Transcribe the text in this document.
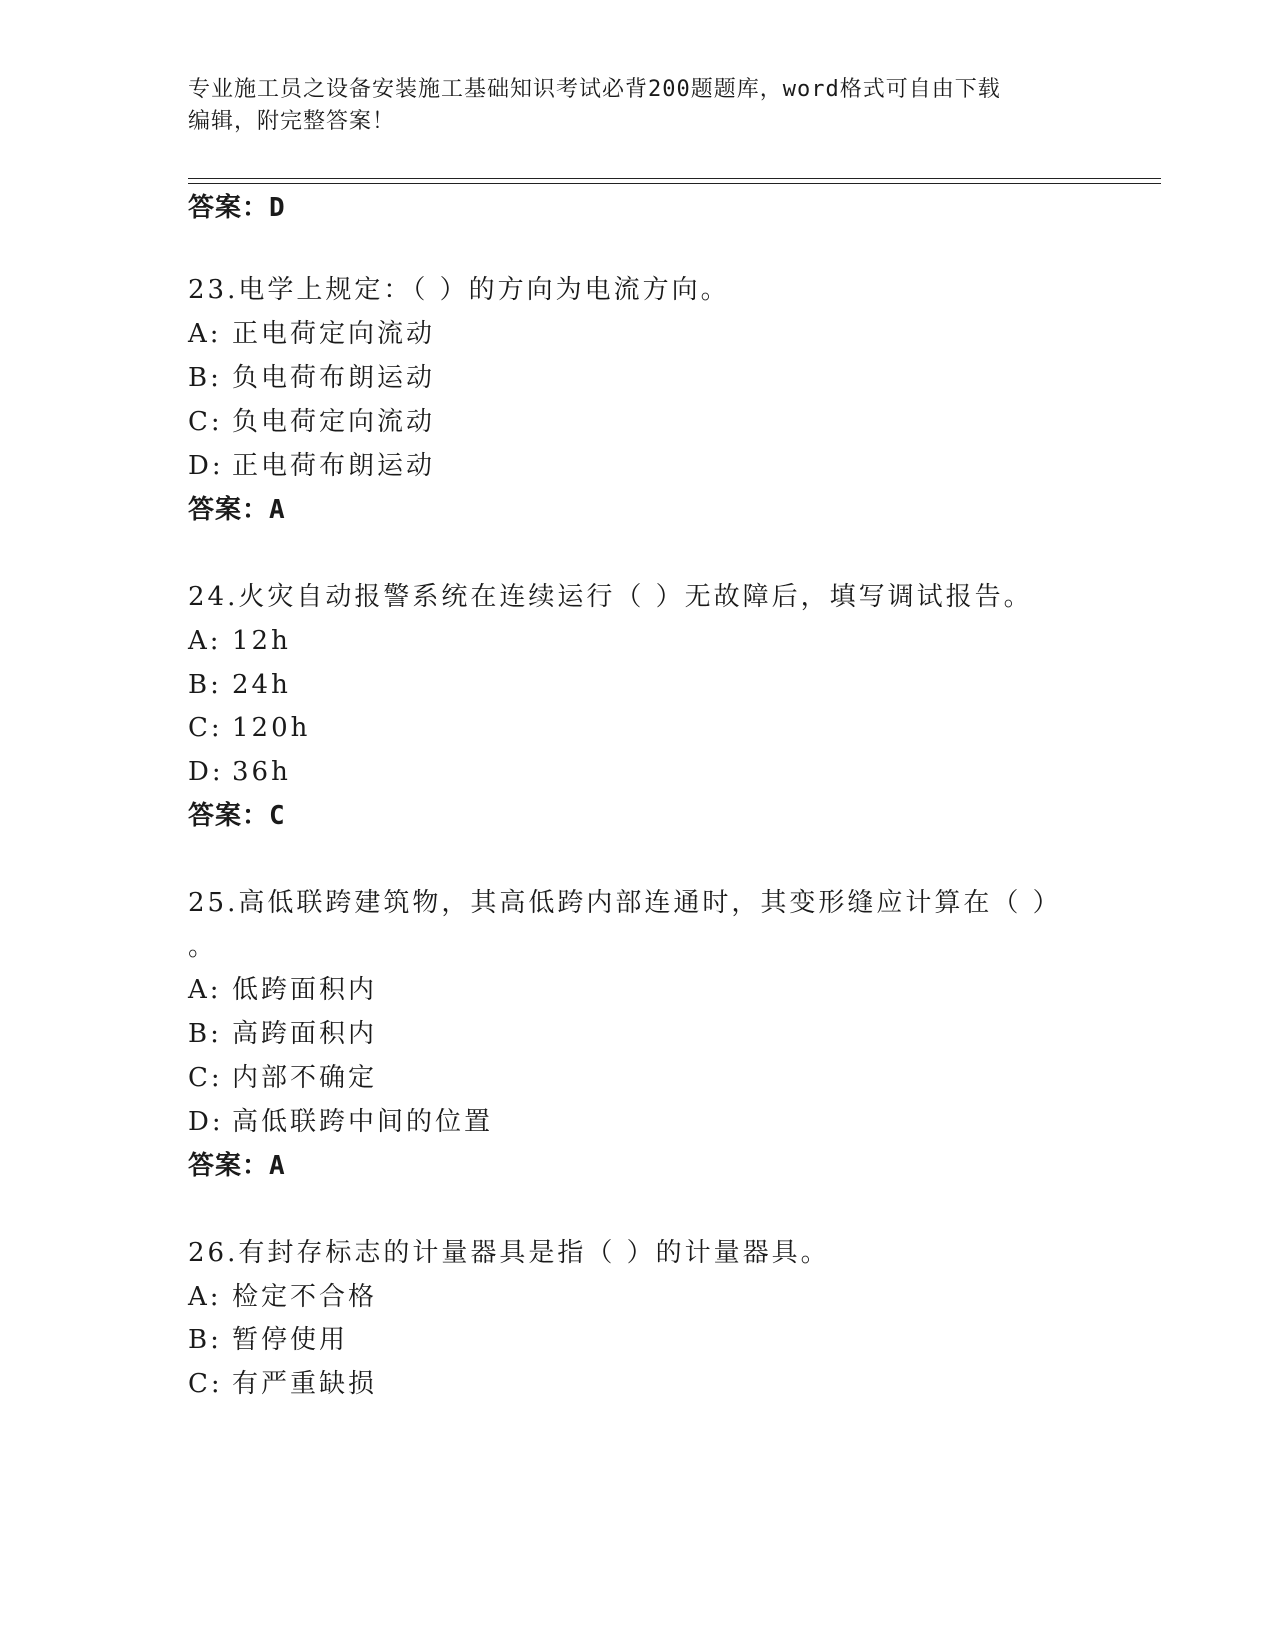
专业施工员之设备安装施工基础知识考试必背200题题库，word格式可自由下载
编辑，附完整答案！
答案：D
23.电学上规定：（ ）的方向为电流方向。
A: 正电荷定向流动
B: 负电荷布朗运动
C: 负电荷定向流动
D: 正电荷布朗运动
答案：A
24.火灾自动报警系统在连续运行（ ）无故障后，填写调试报告。
A: 12h
B: 24h
C: 120h
D: 36h
答案：C
25.高低联跨建筑物，其高低跨内部连通时，其变形缝应计算在（ ）
。
A: 低跨面积内
B: 高跨面积内
C: 内部不确定
D: 高低联跨中间的位置
答案：A
26.有封存标志的计量器具是指（ ）的计量器具。
A: 检定不合格
B: 暂停使用
C: 有严重缺损
